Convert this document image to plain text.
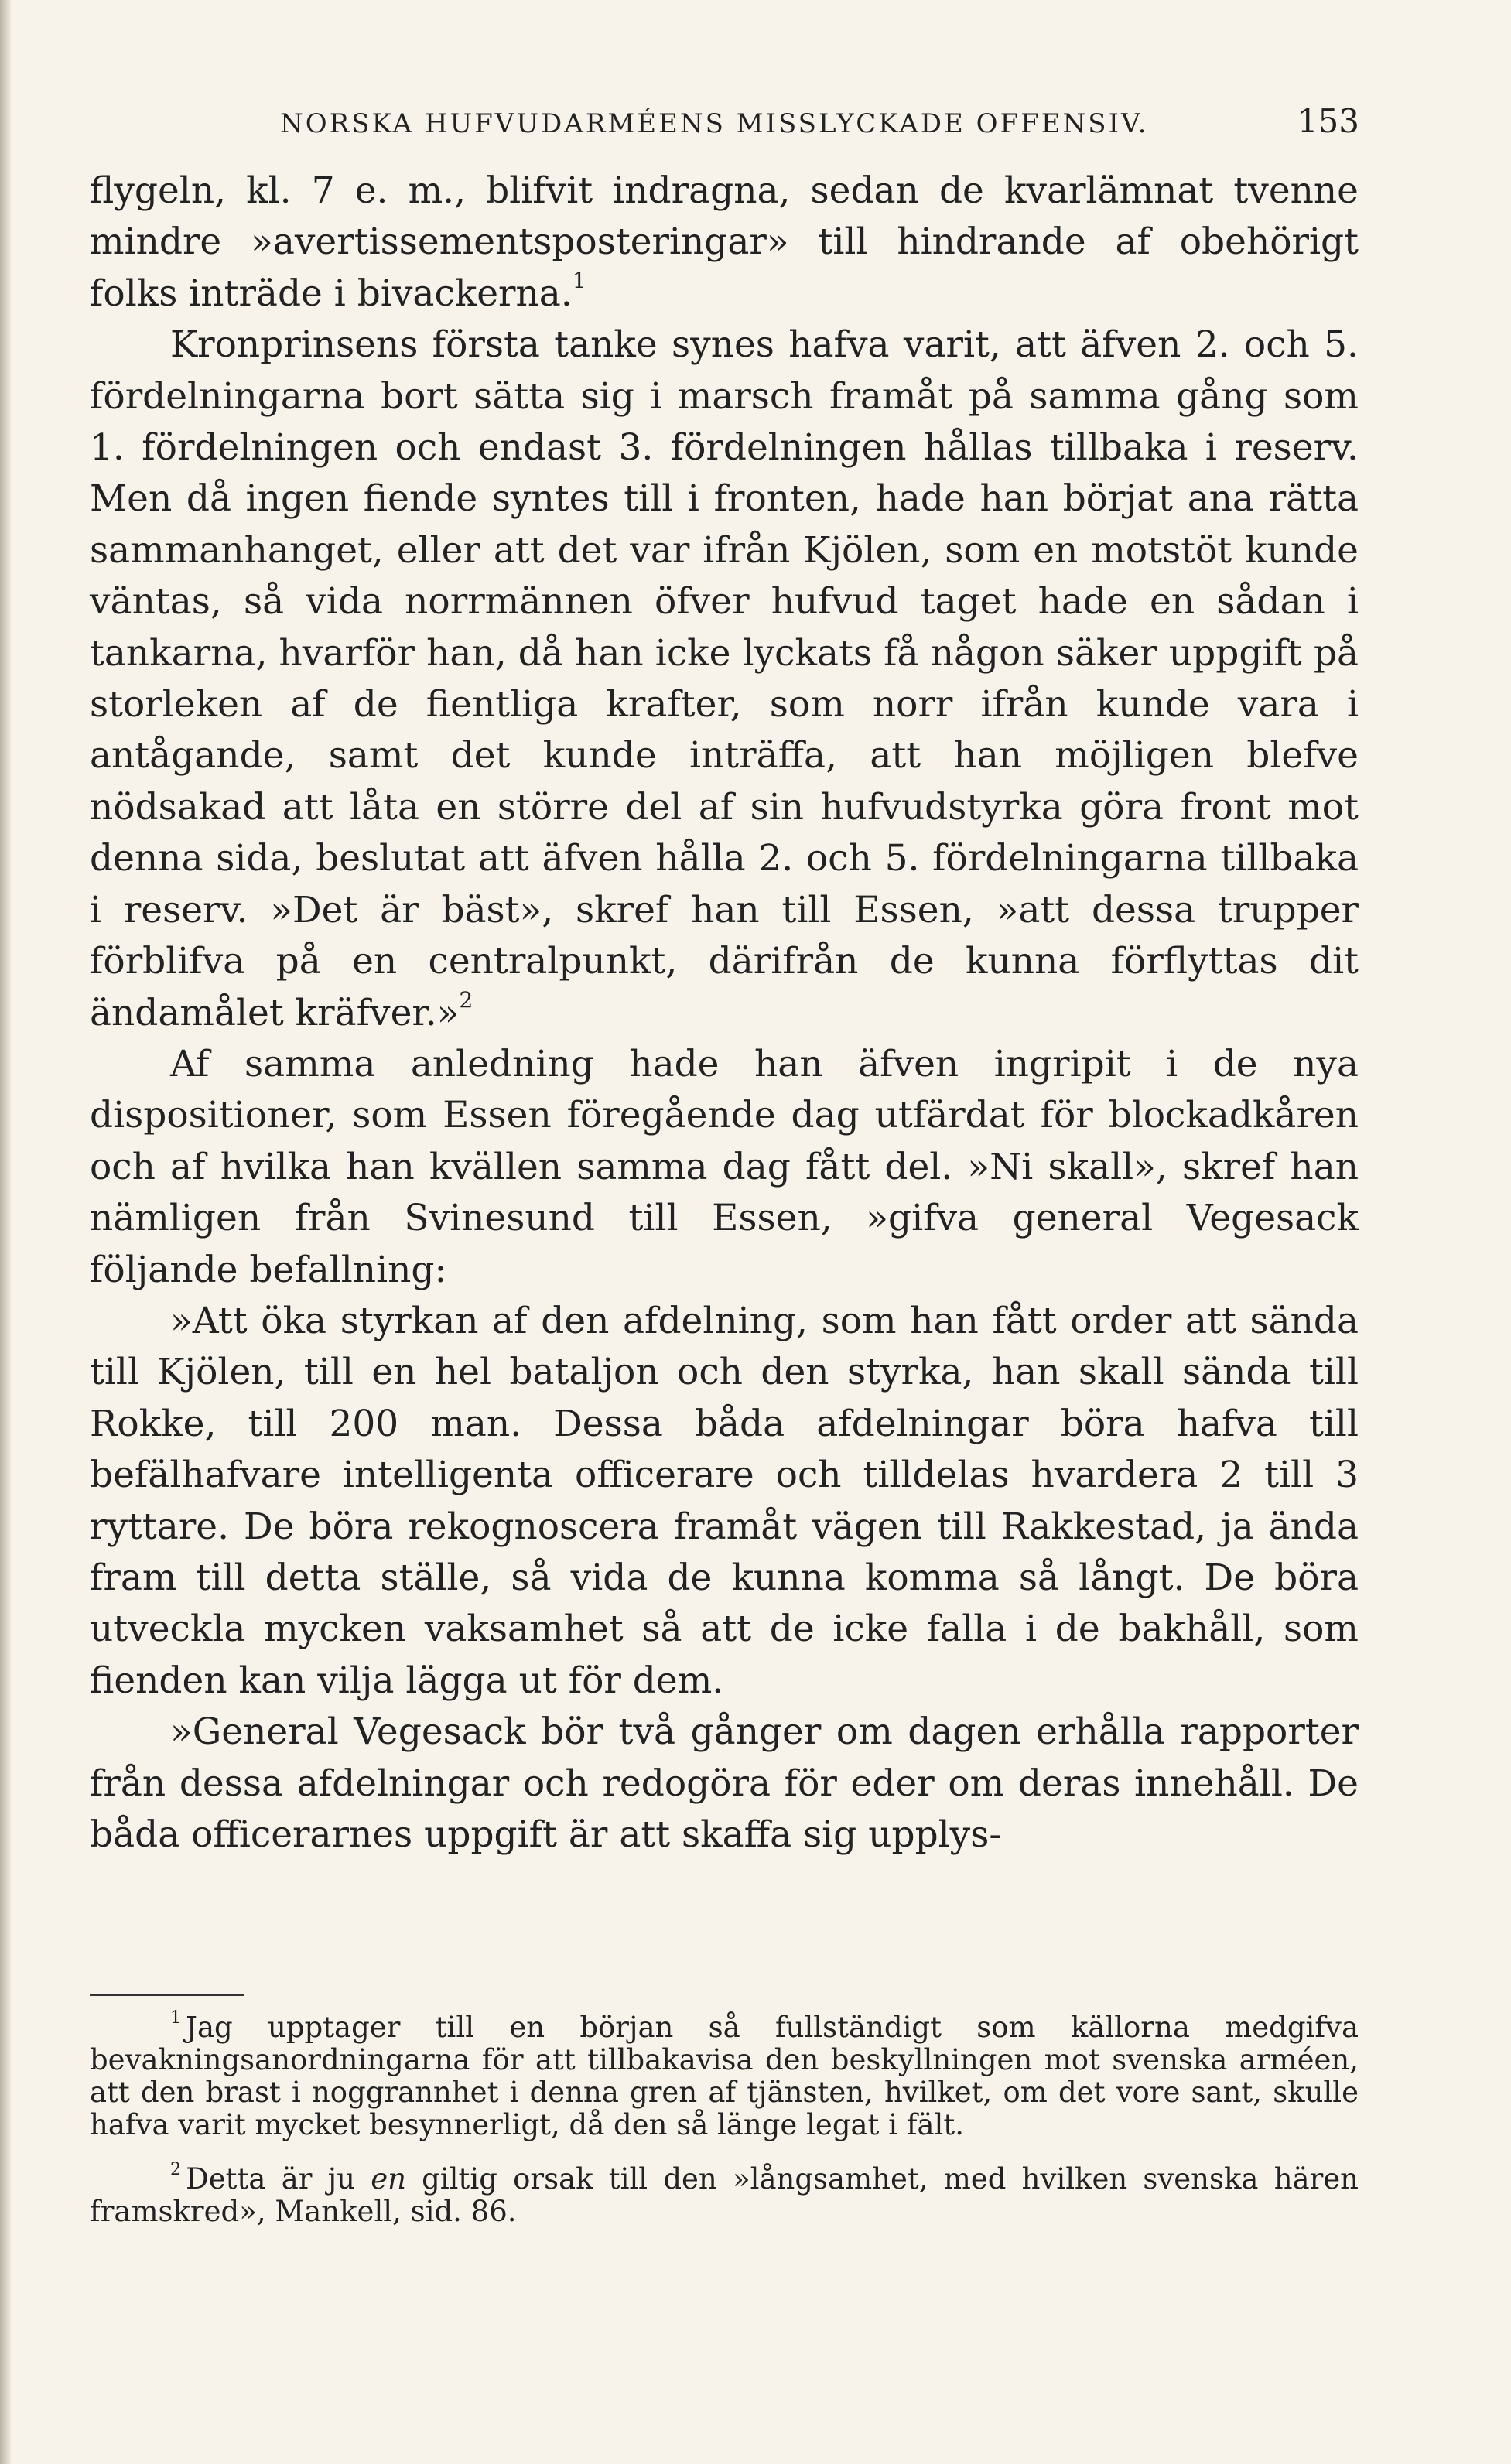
NORSKA HUFVUDARMÉENS MISSLYCKADE OFFENSIV.	153

flygeln, kl. 7 e. m., blifvit indragna, sedan de kvarlämnat tvenne mindre »avertissementsposteringar» till hindrande af obehörigt folks inträde i bivackerna.$^1$

Kronprinsens första tanke synes hafva varit, att äfven 2. och 5. fördelningarna bort sätta sig i marsch framåt på samma gång som 1. fördelningen och endast 3. fördelningen hållas tillbaka i reserv. Men då ingen fiende syntes till i fronten, hade han börjat ana rätta sammanhanget, eller att det var ifrån Kjölen, som en motstöt kunde väntas, så vida norrmännen öfver hufvud taget hade en sådan i tankarna, hvarför han, då han icke lyckats få någon säker uppgift på storleken af de fientliga krafter, som norr ifrån kunde vara i antågande, samt det kunde inträffa, att han möjligen blefve nödsakad att låta en större del af sin hufvudstyrka göra front mot denna sida, beslutat att äfven hålla 2. och 5. fördelningarna tillbaka i reserv. »Det är bäst», skref han till Essen, »att dessa trupper förblifva på en centralpunkt, därifrån de kunna förflyttas dit ändamålet kräfver.»$^2$

Af samma anledning hade han äfven ingripit i de nya dispositioner, som Essen föregående dag utfärdat för blockadkåren och af hvilka han kvällen samma dag fått del. »Ni skall», skref han nämligen från Svinesund till Essen, »gifva general Vegesack följande befallning:

»Att öka styrkan af den afdelning, som han fått order att sända till Kjölen, till en hel bataljon och den styrka, han skall sända till Rokke, till 200 man. Dessa båda afdelningar böra hafva till befälhafvare intelligenta officerare och tilldelas hvardera 2 till 3 ryttare. De böra rekognoscera framåt vägen till Rakkestad, ja ända fram till detta ställe, så vida de kunna komma så långt. De böra utveckla mycken vaksamhet så att de icke falla i de bakhåll, som fienden kan vilja lägga ut för dem.

»General Vegesack bör två gånger om dagen erhålla rapporter från dessa afdelningar och redogöra för eder om deras innehåll. De båda officerarnes uppgift är att skaffa sig upplys-

$^1$ Jag upptager till en början så fullständigt som källorna medgifva bevakningsanordningarna för att tillbakavisa den beskyllningen mot svenska arméen, att den brast i noggrannhet i denna gren af tjänsten, hvilket, om det vore sant, skulle hafva varit mycket besynnerligt, då den så länge legat i fält.

$^2$ Detta är ju en giltig orsak till den »långsamhet, med hvilken svenska hären framskred», Mankell, sid. 86.
